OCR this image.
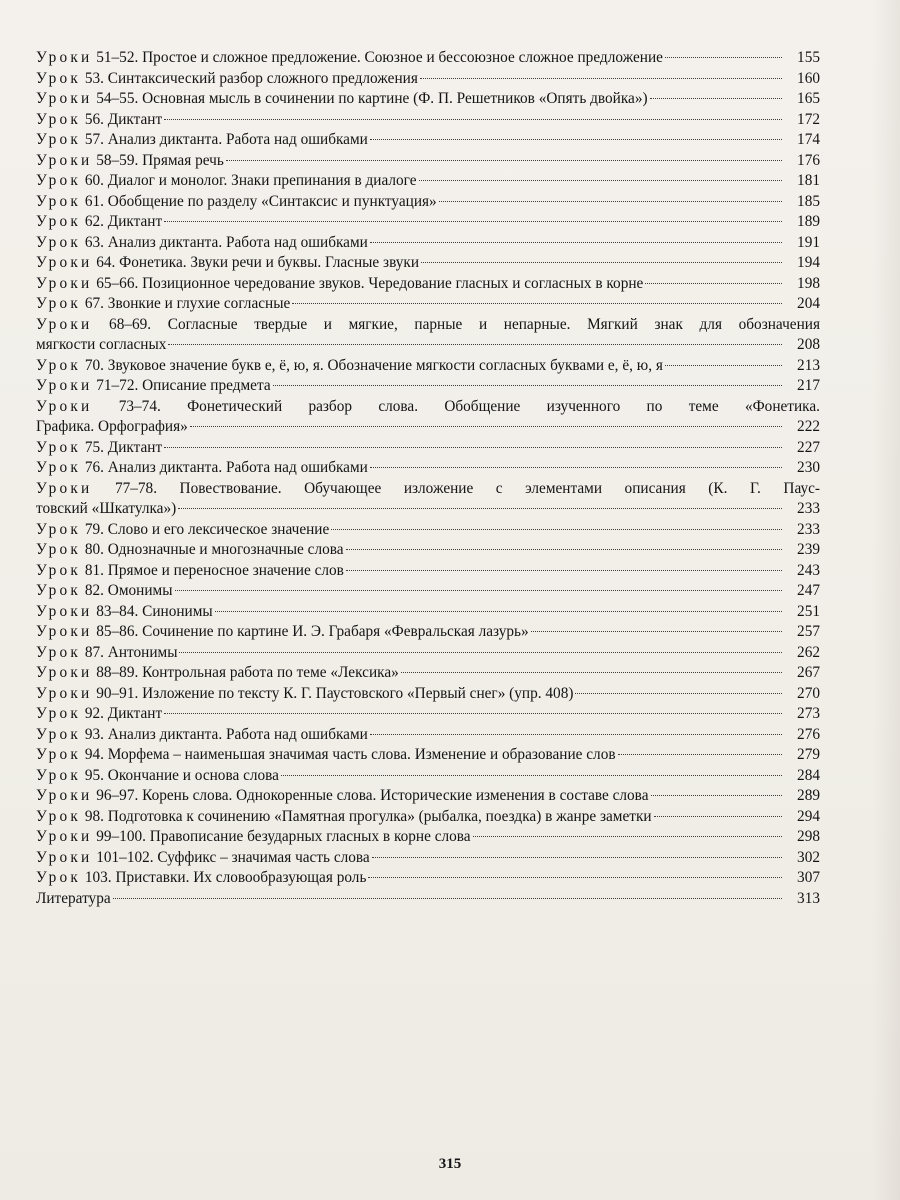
Уроки 51–52. Простое и сложное предложение. Союзное и бессоюзное сложное предложение	155
Урок 53. Синтаксический разбор сложного предложения	160
Уроки 54–55. Основная мысль в сочинении по картине (Ф. П. Решетников «Опять двойка»)	165
Урок 56. Диктант	172
Урок 57. Анализ диктанта. Работа над ошибками	174
Уроки 58–59. Прямая речь	176
Урок 60. Диалог и монолог. Знаки препинания в диалоге	181
Урок 61. Обобщение по разделу «Синтаксис и пунктуация»	185
Урок 62. Диктант	189
Урок 63. Анализ диктанта. Работа над ошибками	191
Уроки 64. Фонетика. Звуки речи и буквы. Гласные звуки	194
Уроки 65–66. Позиционное чередование звуков. Чередование гласных и согласных в корне	198
Урок 67. Звонкие и глухие согласные	204
Уроки 68–69. Согласные твердые и мягкие, парные и непарные. Мягкий знак для обозначения
мягкости согласных	208
Урок 70. Звуковое значение букв е, ё, ю, я. Обозначение мягкости согласных буквами е, ё, ю, я	213
Уроки 71–72. Описание предмета	217
Уроки 73–74. Фонетический разбор слова. Обобщение изученного по теме «Фонетика.
Графика. Орфография»	222
Урок 75. Диктант	227
Урок 76. Анализ диктанта. Работа над ошибками	230
Уроки 77–78. Повествование. Обучающее изложение с элементами описания (К. Г. Паус-
товский «Шкатулка»)	233
Урок 79. Слово и его лексическое значение	233
Урок 80. Однозначные и многозначные слова	239
Урок 81. Прямое и переносное значение слов	243
Урок 82. Омонимы	247
Уроки 83–84. Синонимы	251
Уроки 85–86. Сочинение по картине И. Э. Грабаря «Февральская лазурь»	257
Урок 87. Антонимы	262
Уроки 88–89. Контрольная работа по теме «Лексика»	267
Уроки 90–91. Изложение по тексту К. Г. Паустовского «Первый снег» (упр. 408)	270
Урок 92. Диктант	273
Урок 93. Анализ диктанта. Работа над ошибками	276
Урок 94. Морфема – наименьшая значимая часть слова. Изменение и образование слов	279
Урок 95. Окончание и основа слова	284
Уроки 96–97. Корень слова. Однокоренные слова. Исторические изменения в составе слова	289
Урок 98. Подготовка к сочинению «Памятная прогулка» (рыбалка, поездка) в жанре заметки	294
Уроки 99–100. Правописание безударных гласных в корне слова	298
Уроки 101–102. Суффикс – значимая часть слова	302
Урок 103. Приставки. Их словообразующая роль	307
Литература	313
315
